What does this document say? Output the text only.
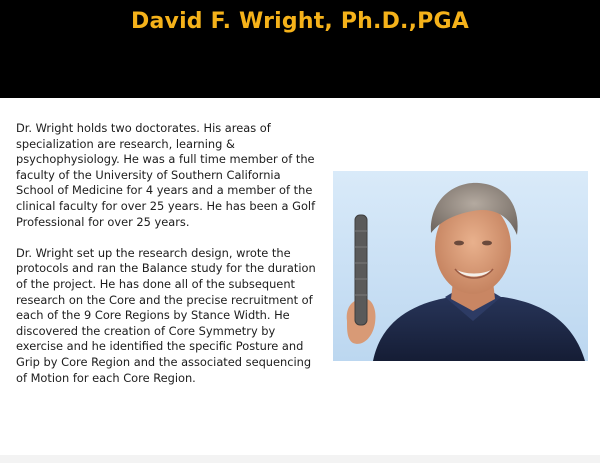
David F. Wright, Ph.D.,PGA

Dr. Wright holds two doctorates. His areas of specialization are research, learning & psychophysiology. He was a full time member of the faculty of the University of Southern California School of Medicine for 4 years and a member of the clinical faculty for over 25 years. He has been a Golf Professional for over 25 years.

Dr. Wright set up the research design, wrote the protocols and ran the Balance study for the duration of the project. He has done all of the subsequent research on the Core and the precise recruitment of each of the 9 Core Regions by Stance Width. He discovered the creation of Core Symmetry by exercise and he identified the specific Posture and Grip by Core Region and the associated sequencing of Motion for each Core Region.
